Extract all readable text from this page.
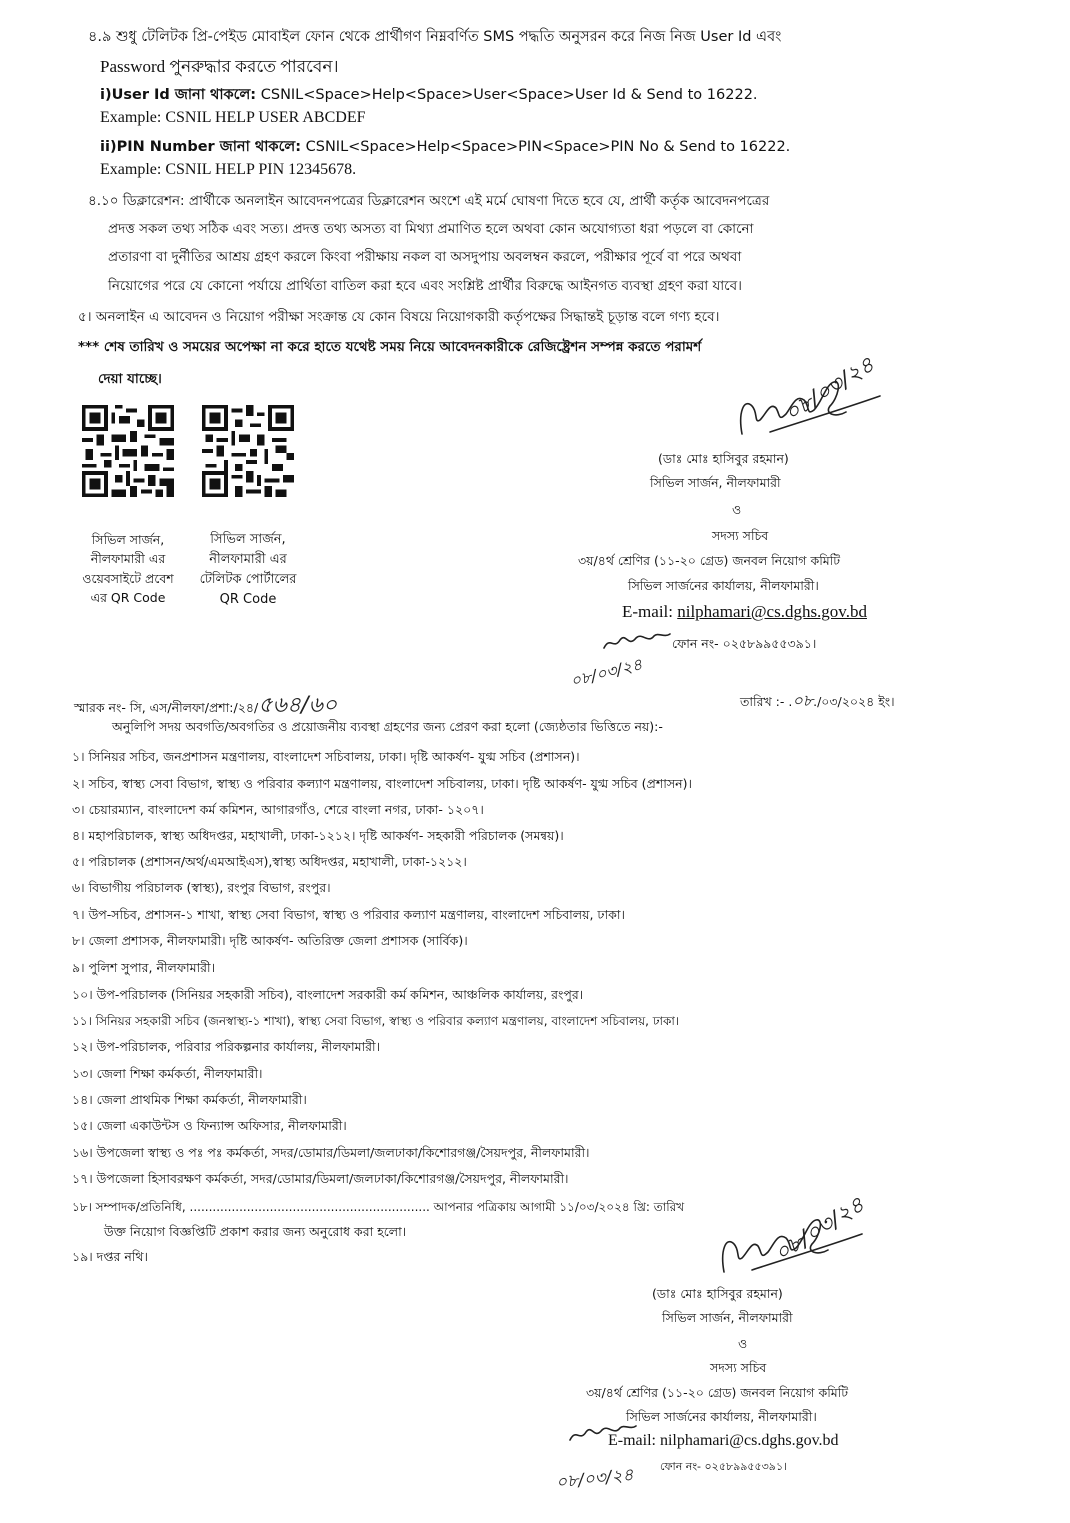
৪.৯ শুধু টেলিটক প্রি-পেইড মোবাইল ফোন থেকে প্রার্থীগণ নিম্নবর্ণিত SMS পদ্ধতি অনুসরন করে নিজ নিজ User Id এবং
Password পুনরুদ্ধার করতে পারবেন।
i)User Id জানা থাকলে: CSNIL<Space>Help<Space>User<Space>User Id & Send to 16222.
Example: CSNIL HELP USER ABCDEF
ii)PIN Number জানা থাকলে: CSNIL<Space>Help<Space>PIN<Space>PIN No & Send to 16222.
Example: CSNIL HELP PIN 12345678.
৪.১০ ডিক্লারেশন: প্রার্থীকে অনলাইন আবেদনপত্রের ডিক্লারেশন অংশে এই মর্মে ঘোষণা দিতে হবে যে, প্রার্থী কর্তৃক আবেদনপত্রের
প্রদত্ত সকল তথ্য সঠিক এবং সত্য। প্রদত্ত তথ্য অসত্য বা মিথ্যা প্রমাণিত হলে অথবা কোন অযোগ্যতা ধরা পড়লে বা কোনো
প্রতারণা বা দুর্নীতির আশ্রয় গ্রহণ করলে কিংবা পরীক্ষায় নকল বা অসদুপায় অবলম্বন করলে, পরীক্ষার পূর্বে বা পরে অথবা
নিয়োগের পরে যে কোনো পর্যায়ে প্রার্থিতা বাতিল করা হবে এবং সংশ্লিষ্ট প্রার্থীর বিরুদ্ধে আইনগত ব্যবস্থা গ্রহণ করা যাবে।
৫। অনলাইন এ আবেদন ও নিয়োগ পরীক্ষা সংক্রান্ত যে কোন বিষয়ে নিয়োগকারী কর্তৃপক্ষের সিদ্ধান্তই চূড়ান্ত বলে গণ্য হবে।
*** শেষ তারিখ ও সময়ের অপেক্ষা না করে হাতে যথেষ্ট সময় নিয়ে আবেদনকারীকে রেজিষ্ট্রেশন সম্পন্ন করতে পরামর্শ
দেয়া যাচ্ছে।
সিভিল সার্জন, নীলফামারী এর ওয়েবসাইটে প্রবেশ এর QR Code
সিভিল সার্জন, নীলফামারী এর টেলিটক পোর্টালের QR Code
০৮/০৩/২৪
(ডাঃ মোঃ হাসিবুর রহমান)
সিভিল সার্জন, নীলফামারী
ও
সদস্য সচিব
৩য়/৪র্থ শ্রেণির (১১-২০ গ্রেড) জনবল নিয়োগ কমিটি
সিভিল সার্জনের কার্যালয়, নীলফামারী।
E-mail: nilphamari@cs.dghs.gov.bd
ফোন নং- ০২৫৮৯৯৫৫৩৯১।
০৮/০৩/২৪
স্মারক নং- সি, এস/নীলফা/প্রশা:/২৪/৫৬৪/৬০	তারিখ :- .০৮./০৩/২০২৪ ইং।
অনুলিপি সদয় অবগতি/অবগতির ও প্রয়োজনীয় ব্যবস্থা গ্রহণের জন্য প্রেরণ করা হলো (জ্যেষ্ঠতার ভিত্তিতে নয়):-
১। সিনিয়র সচিব, জনপ্রশাসন মন্ত্রণালয়, বাংলাদেশ সচিবালয়, ঢাকা। দৃষ্টি আকর্ষণ- যুগ্ম সচিব (প্রশাসন)।
২। সচিব, স্বাস্থ্য সেবা বিভাগ, স্বাস্থ্য ও পরিবার কল্যাণ মন্ত্রণালয়, বাংলাদেশ সচিবালয়, ঢাকা। দৃষ্টি আকর্ষণ- যুগ্ম সচিব (প্রশাসন)।
৩। চেয়ারম্যান, বাংলাদেশ কর্ম কমিশন, আগারগাঁও, শেরে বাংলা নগর, ঢাকা- ১২০৭।
৪। মহাপরিচালক, স্বাস্থ্য অধিদপ্তর, মহাখালী, ঢাকা-১২১২। দৃষ্টি আকর্ষণ- সহকারী পরিচালক (সমন্বয়)।
৫। পরিচালক (প্রশাসন/অর্থ/এমআইএস),স্বাস্থ্য অধিদপ্তর, মহাখালী, ঢাকা-১২১২।
৬। বিভাগীয় পরিচালক (স্বাস্থ্য), রংপুর বিভাগ, রংপুর।
৭। উপ-সচিব, প্রশাসন-১ শাখা, স্বাস্থ্য সেবা বিভাগ, স্বাস্থ্য ও পরিবার কল্যাণ মন্ত্রণালয়, বাংলাদেশ সচিবালয়, ঢাকা।
৮। জেলা প্রশাসক, নীলফামারী। দৃষ্টি আকর্ষণ- অতিরিক্ত জেলা প্রশাসক (সার্বিক)।
৯। পুলিশ সুপার, নীলফামারী।
১০। উপ-পরিচালক (সিনিয়র সহকারী সচিব), বাংলাদেশ সরকারী কর্ম কমিশন, আঞ্চলিক কার্যালয়, রংপুর।
১১। সিনিয়র সহকারী সচিব (জনস্বাস্থ্য-১ শাখা), স্বাস্থ্য সেবা বিভাগ, স্বাস্থ্য ও পরিবার কল্যাণ মন্ত্রণালয়, বাংলাদেশ সচিবালয়, ঢাকা।
১২। উপ-পরিচালক, পরিবার পরিকল্পনার কার্যালয়, নীলফামারী।
১৩। জেলা শিক্ষা কর্মকর্তা, নীলফামারী।
১৪। জেলা প্রাথমিক শিক্ষা কর্মকর্তা, নীলফামারী।
১৫। জেলা একাউন্টস ও ফিন্যান্স অফিসার, নীলফামারী।
১৬। উপজেলা স্বাস্থ্য ও পঃ পঃ কর্মকর্তা, সদর/ডোমার/ডিমলা/জলঢাকা/কিশোরগঞ্জ/সৈয়দপুর, নীলফামারী।
১৭। উপজেলা হিসাবরক্ষণ কর্মকর্তা, সদর/ডোমার/ডিমলা/জলঢাকা/কিশোরগঞ্জ/সৈয়দপুর, নীলফামারী।
১৮। সম্পাদক/প্রতিনিধি, ............................................................... আপনার পত্রিকায় আগামী ১১/০৩/২০২৪ খ্রি: তারিখ
উক্ত নিয়োগ বিজ্ঞপ্তিটি প্রকাশ করার জন্য অনুরোধ করা হলো।
১৯। দপ্তর নথি।	০৮/০৩/২৪
(ডাঃ মোঃ হাসিবুর রহমান)
সিভিল সার্জন, নীলফামারী
ও
সদস্য সচিব
৩য়/৪র্থ শ্রেণির (১১-২০ গ্রেড) জনবল নিয়োগ কমিটি
সিভিল সার্জনের কার্যালয়, নীলফামারী।
E-mail: nilphamari@cs.dghs.gov.bd
ফোন নং- ০২৫৮৯৯৫৫৩৯১।
০৮/০৩/২৪
